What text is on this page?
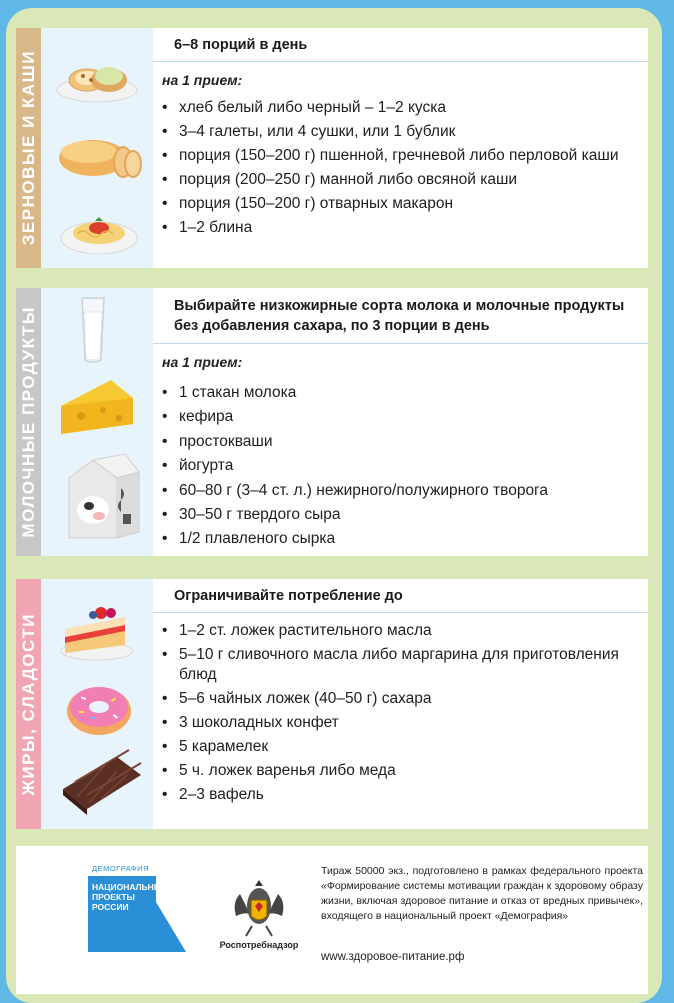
ЗЕРНОВЫЕ И КАШИ
6–8 порций в день
на 1 прием:
• хлеб белый либо черный – 1–2 куска
• 3–4 галеты, или 4 сушки, или 1 бублик
• порция (150–200 г) пшенной, гречневой либо перловой каши
• порция (200–250 г) манной либо овсяной каши
• порция (150–200 г) отварных макарон
• 1–2 блина
МОЛОЧНЫЕ ПРОДУКТЫ
Выбирайте низкожирные сорта молока и молочные продукты без добавления сахара, по 3 порции в день
на 1 прием:
• 1 стакан молока
• кефира
• простокваши
• йогурта
• 60–80 г (3–4 ст. л.) нежирного/полужирного творога
• 30–50 г твердого сыра
• 1/2 плавленого сырка
ЖИРЫ, СЛАДОСТИ
Ограничивайте потребление до
• 1–2 ст. ложек растительного масла
• 5–10 г сливочного масла либо маргарина для приготовления блюд
• 5–6 чайных ложек (40–50 г) сахара
• 3 шоколадных конфет
• 5 карамелек
• 5 ч. ложек варенья либо меда
• 2–3 вафель
ДЕМОГРАФИЯ
НАЦИОНАЛЬНЫЕ
ПРОЕКТЫ
РОССИИ
Роспотребнадзор
Тираж 50000 экз., подготовлено в рамках федерального проекта «Формирование системы мотивации граждан к здоровому образу жизни, включая здоровое питание и отказ от вредных привычек», входящего в национальный проект «Демография»
www.здоровое-питание.рф
